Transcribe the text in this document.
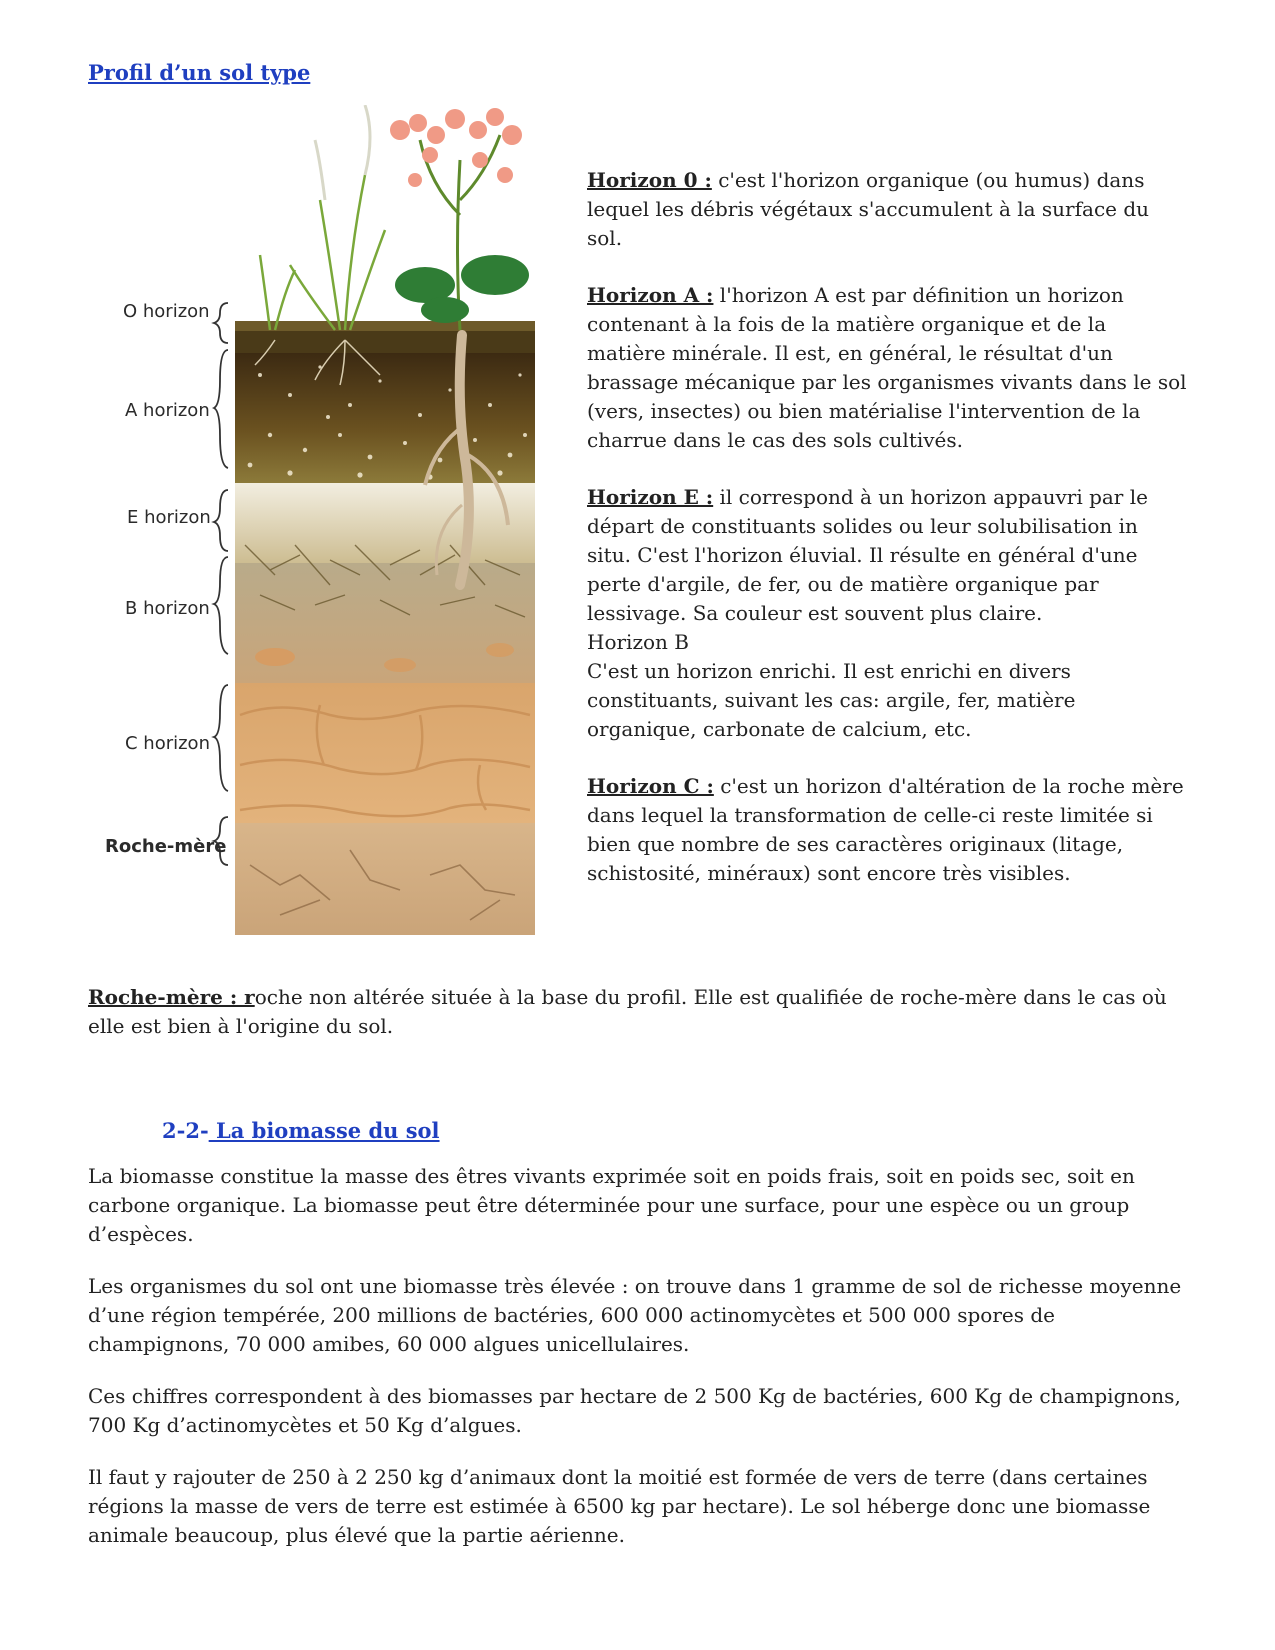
Profil d’un sol type
O horizon
A horizon
E horizon
B horizon
C horizon
Roche-mère

Horizon 0 : c'est l'horizon organique (ou humus) dans lequel les débris végétaux s'accumulent à la surface du sol.

Horizon A : l'horizon A est par définition un horizon contenant à la fois de la matière organique et de la matière minérale. Il est, en général, le résultat d'un brassage mécanique par les organismes vivants dans le sol (vers, insectes) ou bien matérialise l'intervention de la charrue dans le cas des sols cultivés.

Horizon E : il correspond à un horizon appauvri par le départ de constituants solides ou leur solubilisation in situ. C'est l'horizon éluvial. Il résulte en général d'une perte d'argile, de fer, ou de matière organique par lessivage. Sa couleur est souvent plus claire.

Horizon B

C'est un horizon enrichi. Il est enrichi en divers constituants, suivant les cas: argile, fer, matière organique, carbonate de calcium, etc.

Horizon C : c'est un horizon d'altération de la roche mère dans lequel la transformation de celle-ci reste limitée si bien que nombre de ses caractères originaux (litage, schistosité, minéraux) sont encore très visibles.

Roche-mère : roche non altérée située à la base du profil. Elle est qualifiée de roche-mère dans le cas où elle est bien à l'origine du sol.

2-2- La biomasse du sol

La biomasse constitue la masse des êtres vivants exprimée soit en poids frais, soit en poids sec, soit en carbone organique. La biomasse peut être déterminée pour une surface, pour une espèce ou un group d’espèces.

Les organismes du sol ont une biomasse très élevée : on trouve dans 1 gramme de sol de richesse moyenne d’une région tempérée, 200 millions de bactéries, 600 000 actinomycètes et 500 000 spores de champignons, 70 000 amibes, 60 000 algues unicellulaires.

Ces chiffres correspondent à des biomasses par hectare de 2 500 Kg de bactéries, 600 Kg de champignons, 700 Kg d’actinomycètes et 50 Kg d’algues.

Il faut y rajouter de 250 à 2 250 kg d’animaux dont la moitié est formée de vers de terre (dans certaines régions la masse de vers de terre est estimée à 6500 kg par hectare). Le sol héberge donc une biomasse animale beaucoup, plus élevé que la partie aérienne.
